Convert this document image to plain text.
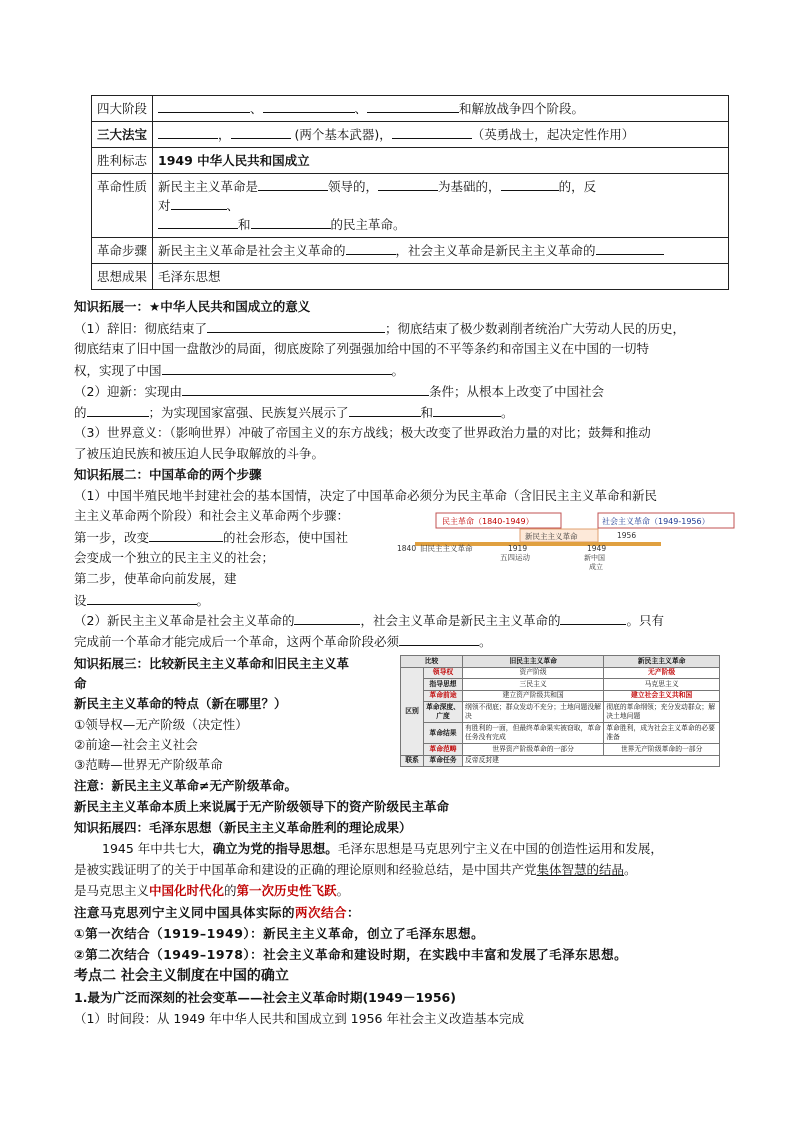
四大阶段	、 、 和解放战争四个阶段。
三大法宝	， (两个基本武器)， （英勇战士，起决定性作用）
胜利标志	1949 中华人民共和国成立
革命性质	新民主主义革命是 领导的， 为基础的， 的，反
对 、
和 的民主革命。
革命步骤	新民主主义革命是社会主义革命的 ，社会主义革命是新民主主义革命的
思想成果	毛泽东思想
知识拓展一：★中华人民共和国成立的意义
（1）辞旧：彻底结束了	；彻底结束了极少数剥削者统治广大劳动人民的历史，
彻底结束了旧中国一盘散沙的局面，彻底废除了列强强加给中国的不平等条约和帝国主义在中国的一切特
权，实现了中国	。
（2）迎新：实现由	条件；从根本上改变了中国社会
的	；为实现国家富强、民族复兴展示了	和	。
（3）世界意义：（影响世界）冲破了帝国主义的东方战线；极大改变了世界政治力量的对比；鼓舞和推动
了被压迫民族和被压迫人民争取解放的斗争。
知识拓展二：中国革命的两个步骤
（1）中国半殖民地半封建社会的基本国情，决定了中国革命必须分为民主革命（含旧民主主义革命和新民
主主义革命两个阶段）和社会主义革命两个步骤：
第一步，改变	的社会形态，使中国社
会变成一个独立的民主主义的社会；
第二步，使革命向前发展，建
设	。
（2）新民主主义革命是社会主义革命的	，社会主义革命是新民主主义革命的	。只有
完成前一个革命才能完成后一个革命，这两个革命阶段必须	。
民主革命（1840-1949）	社会主义革命（1949-1956）
新民主主义革命
1840 旧民主主义革命	1919
五四运动
1949
新中国
成立
1956
知识拓展三：比较新民主主义革命和旧民主主义革
命
新民主主义革命的特点（新在哪里？）
①领导权—无产阶级（决定性）
②前途—社会主义社会
③范畴—世界无产阶级革命
注意：新民主主义革命≠无产阶级革命。
新民主主义革命本质上来说属于无产阶级领导下的资产阶级民主革命
比较		旧民主主义革命	新民主主义革命
区别	领导权	资产阶级	无产阶级
	指导思想	三民主义	马克思主义
	革命前途	建立资产阶级共和国	建立社会主义共和国
	革命深度、广度	纲领不彻底；群众发动不充分；土地问题没解决	彻底的革命纲领；充分发动群众；解决土地问题
	革命结果	有胜利的一面，但最终革命果实被窃取，革命任务没有完成	革命胜利，成为社会主义革命的必要准备
	革命范畴	世界资产阶级革命的一部分	世界无产阶级革命的一部分
联系	革命任务	反帝反封建	
知识拓展四：毛泽东思想（新民主主义革命胜利的理论成果）
1945 年中共七大，确立为党的指导思想。毛泽东思想是马克思列宁主义在中国的创造性运用和发展，
是被实践证明了的关于中国革命和建设的正确的理论原则和经验总结，是中国共产党集体智慧的结晶。
是马克思主义中国化时代化的第一次历史性飞跃。
注意马克思列宁主义同中国具体实际的两次结合：
①第一次结合（1919–1949）：新民主主义革命，创立了毛泽东思想。
②第二次结合（1949–1978）：社会主义革命和建设时期，在实践中丰富和发展了毛泽东思想。
考点二 社会主义制度在中国的确立
1.最为广泛而深刻的社会变革——社会主义革命时期(1949－1956)
（1）时间段：从 1949 年中华人民共和国成立到 1956 年社会主义改造基本完成
